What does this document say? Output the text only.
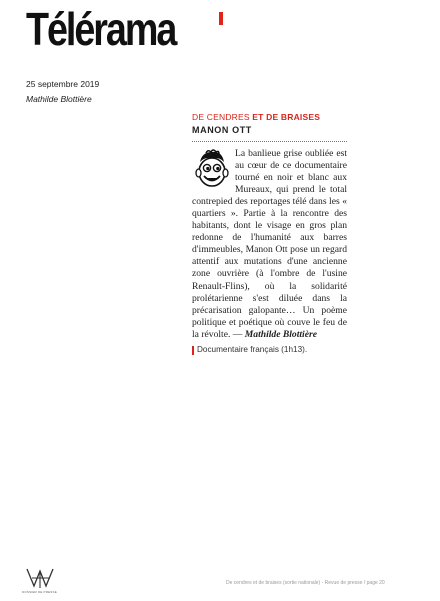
Télérama
25 septembre 2019
Mathilde Blottière
DE CENDRES ET DE BRAISES
MANON OTT
La banlieue grise oubliée est au cœur de ce documentaire tourné en noir et blanc aux Mureaux, qui prend le total contrepied des reportages télé dans les « quartiers ». Partie à la rencontre des habitants, dont le visage en gros plan redonne de l'humanité aux barres d'immeubles, Manon Ott pose un regard attentif aux mutations d'une ancienne zone ouvrière (à l'ombre de l'usine Renault-Flins), où la solidarité prolétarienne s'est diluée dans la précarisation galopante… Un poème politique et poétique où couve le feu de la révolte. — Mathilde Blottière
Documentaire français (1h13).
DOSSIER DE PRESSE
De cendres et de braises (sortie nationale) - Revue de presse / page 20
